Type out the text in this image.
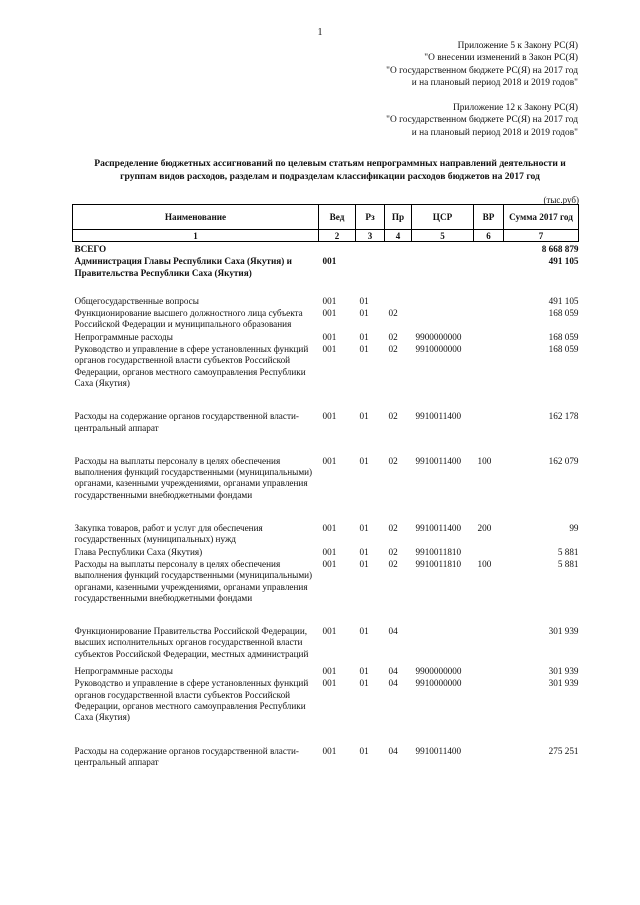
1
Приложение 5 к Закону РС(Я)
"О внесении изменений в Закон РС(Я)
"О государственном бюджете РС(Я) на 2017 год
и на плановый период 2018 и 2019 годов"
Приложение 12 к Закону РС(Я)
"О государственном бюджете РС(Я) на 2017 год
и на плановый период 2018 и 2019 годов"
Распределение бюджетных ассигнований по целевым статьям непрограммных направлений деятельности и
группам видов расходов, разделам и подразделам классификации расходов бюджетов на 2017 год
(тыс.руб)
Наименование	Вед	Рз	Пр	ЦСР	ВР	Сумма 2017 год
1	2	3	4	5	6	7
ВСЕГО						8 668 879
Администрация Главы Республики Саха (Якутия) и Правительства Республики Саха (Якутия)	001					491 105
Общегосударственные вопросы	001	01				491 105
Функционирование высшего должностного лица субъекта Российской Федерации и муниципального образования	001	01	02			168 059
Непрограммные расходы	001	01	02	9900000000		168 059
Руководство и управление в сфере установленных функций органов государственной власти субъектов Российской Федерации, органов местного самоуправления Республики Саха (Якутия)	001	01	02	9910000000		168 059
Расходы на содержание органов государственной власти- центральный аппарат	001	01	02	9910011400		162 178
Расходы на выплаты персоналу в целях обеспечения выполнения функций государственными (муниципальными) органами, казенными учреждениями, органами управления государственными внебюджетными фондами	001	01	02	9910011400	100	162 079
Закупка товаров, работ и услуг для обеспечения государственных (муниципальных) нужд	001	01	02	9910011400	200	99
Глава Республики Саха (Якутия)	001	01	02	9910011810		5 881
Расходы на выплаты персоналу в целях обеспечения выполнения функций государственными (муниципальными) органами, казенными учреждениями, органами управления государственными внебюджетными фондами	001	01	02	9910011810	100	5 881
Функционирование Правительства Российской Федерации, высших исполнительных органов государственной власти субъектов Российской Федерации, местных администраций	001	01	04			301 939
Непрограммные расходы	001	01	04	9900000000		301 939
Руководство и управление в сфере установленных функций органов государственной власти субъектов Российской Федерации, органов местного самоуправления Республики Саха (Якутия)	001	01	04	9910000000		301 939
Расходы на содержание органов государственной власти- центральный аппарат	001	01	04	9910011400		275 251
